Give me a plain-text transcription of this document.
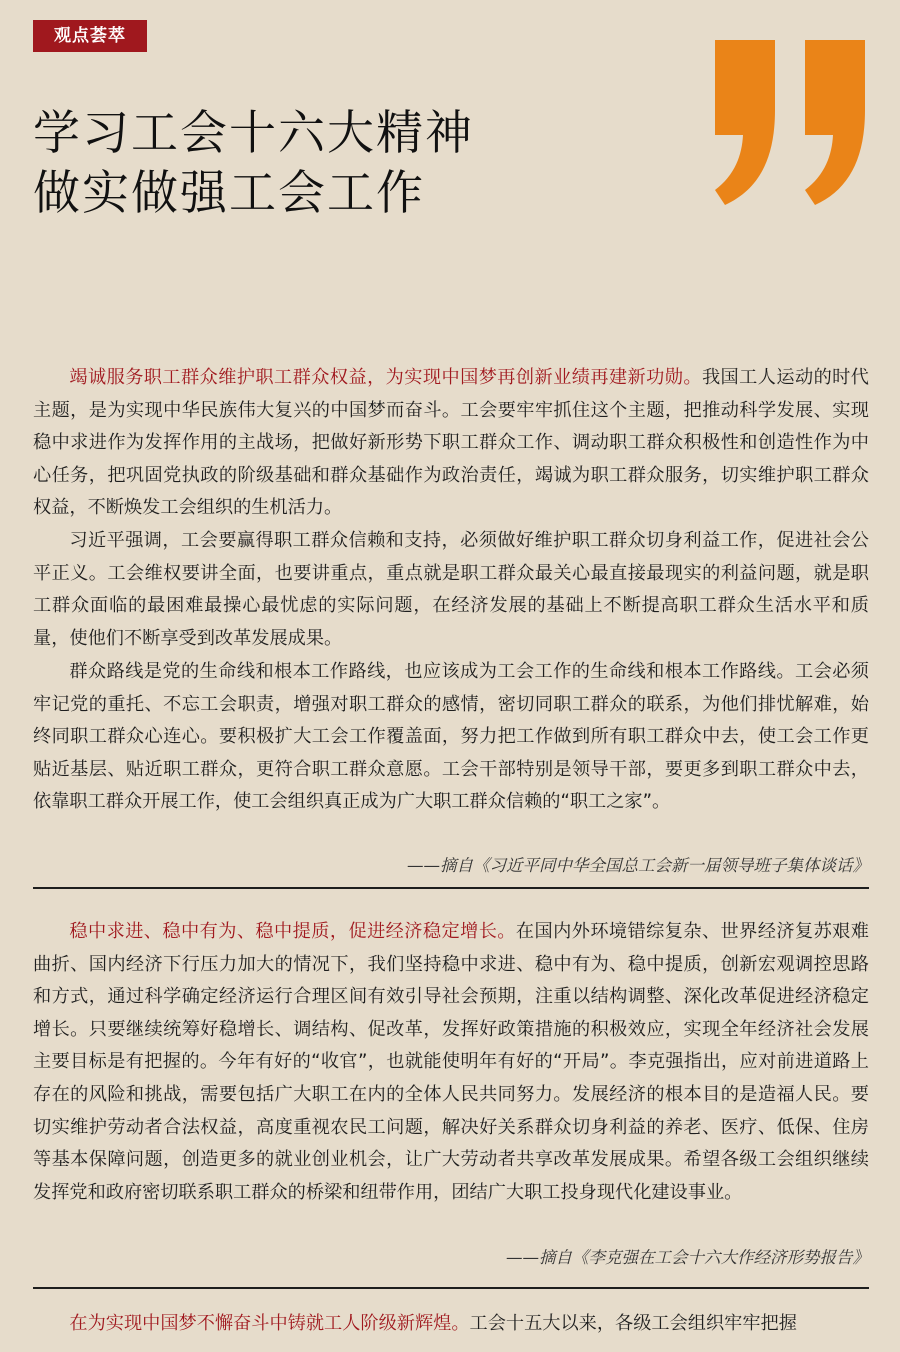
观点荟萃
学习工会十六大精神
做实做强工会工作
竭诚服务职工群众维护职工群众权益，为实现中国梦再创新业绩再建新功勋。我国工人运动的时代主题，是为实现中华民族伟大复兴的中国梦而奋斗。工会要牢牢抓住这个主题，把推动科学发展、实现稳中求进作为发挥作用的主战场，把做好新形势下职工群众工作、调动职工群众积极性和创造性作为中心任务，把巩固党执政的阶级基础和群众基础作为政治责任，竭诚为职工群众服务，切实维护职工群众权益，不断焕发工会组织的生机活力。
习近平强调，工会要赢得职工群众信赖和支持，必须做好维护职工群众切身利益工作，促进社会公平正义。工会维权要讲全面，也要讲重点，重点就是职工群众最关心最直接最现实的利益问题，就是职工群众面临的最困难最操心最忧虑的实际问题，在经济发展的基础上不断提高职工群众生活水平和质量，使他们不断享受到改革发展成果。
群众路线是党的生命线和根本工作路线，也应该成为工会工作的生命线和根本工作路线。工会必须牢记党的重托、不忘工会职责，增强对职工群众的感情，密切同职工群众的联系，为他们排忧解难，始终同职工群众心连心。要积极扩大工会工作覆盖面，努力把工作做到所有职工群众中去，使工会工作更贴近基层、贴近职工群众，更符合职工群众意愿。工会干部特别是领导干部，要更多到职工群众中去，依靠职工群众开展工作，使工会组织真正成为广大职工群众信赖的“职工之家”。
——摘自《习近平同中华全国总工会新一届领导班子集体谈话》
稳中求进、稳中有为、稳中提质，促进经济稳定增长。在国内外环境错综复杂、世界经济复苏艰难曲折、国内经济下行压力加大的情况下，我们坚持稳中求进、稳中有为、稳中提质，创新宏观调控思路和方式，通过科学确定经济运行合理区间有效引导社会预期，注重以结构调整、深化改革促进经济稳定增长。只要继续统筹好稳增长、调结构、促改革，发挥好政策措施的积极效应，实现全年经济社会发展主要目标是有把握的。今年有好的“收官”，也就能使明年有好的“开局”。李克强指出，应对前进道路上存在的风险和挑战，需要包括广大职工在内的全体人民共同努力。发展经济的根本目的是造福人民。要切实维护劳动者合法权益，高度重视农民工问题，解决好关系群众切身利益的养老、医疗、低保、住房等基本保障问题，创造更多的就业创业机会，让广大劳动者共享改革发展成果。希望各级工会组织继续发挥党和政府密切联系职工群众的桥梁和纽带作用，团结广大职工投身现代化建设事业。
——摘自《李克强在工会十六大作经济形势报告》
在为实现中国梦不懈奋斗中铸就工人阶级新辉煌。工会十五大以来，各级工会组织牢牢把握
